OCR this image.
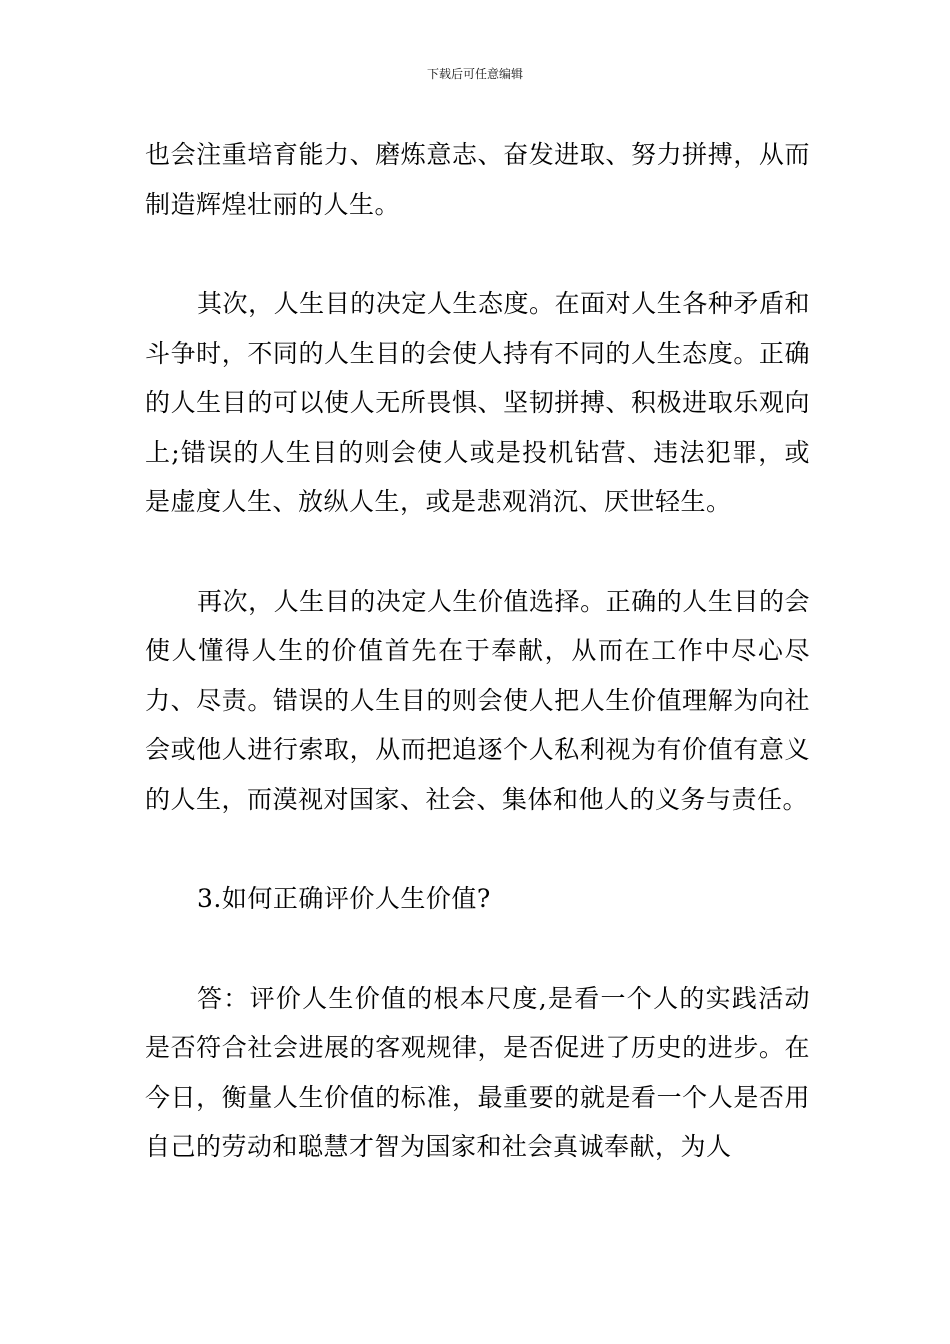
下载后可任意编辑

也会注重培育能力、磨炼意志、奋发进取、努力拼搏，从而制造辉煌壮丽的人生。

其次，人生目的决定人生态度。在面对人生各种矛盾和斗争时，不同的人生目的会使人持有不同的人生态度。正确的人生目的可以使人无所畏惧、坚韧拼搏、积极进取乐观向上;错误的人生目的则会使人或是投机钻营、违法犯罪，或是虚度人生、放纵人生，或是悲观消沉、厌世轻生。

再次，人生目的决定人生价值选择。正确的人生目的会使人懂得人生的价值首先在于奉献，从而在工作中尽心尽力、尽责。错误的人生目的则会使人把人生价值理解为向社会或他人进行索取，从而把追逐个人私利视为有价值有意义的人生，而漠视对国家、社会、集体和他人的义务与责任。

3.如何正确评价人生价值?

答：评价人生价值的根本尺度,是看一个人的实践活动是否符合社会进展的客观规律，是否促进了历史的进步。在今日，衡量人生价值的标准，最重要的就是看一个人是否用自己的劳动和聪慧才智为国家和社会真诚奉献，为人
